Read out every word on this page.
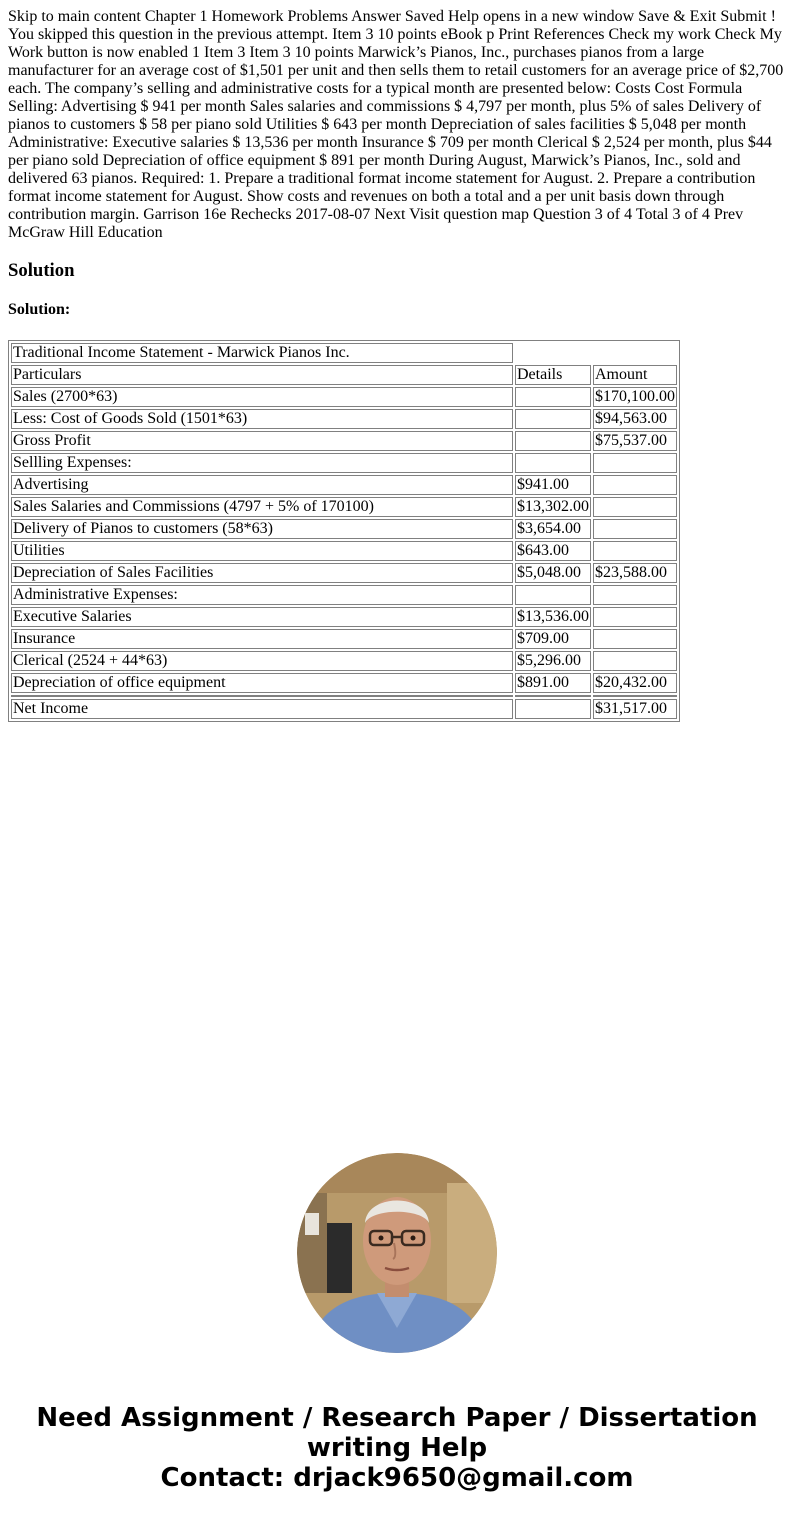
Skip to main content Chapter 1 Homework Problems Answer Saved Help opens in a new window Save & Exit Submit ! You skipped this question in the previous attempt. Item 3 10 points eBook p Print References Check my work Check My Work button is now enabled 1 Item 3 Item 3 10 points Marwick’s Pianos, Inc., purchases pianos from a large manufacturer for an average cost of $1,501 per unit and then sells them to retail customers for an average price of $2,700 each. The company’s selling and administrative costs for a typical month are presented below: Costs Cost Formula Selling: Advertising $ 941 per month Sales salaries and commissions $ 4,797 per month, plus 5% of sales Delivery of pianos to customers $ 58 per piano sold Utilities $ 643 per month Depreciation of sales facilities $ 5,048 per month Administrative: Executive salaries $ 13,536 per month Insurance $ 709 per month Clerical $ 2,524 per month, plus $44 per piano sold Depreciation of office equipment $ 891 per month During August, Marwick’s Pianos, Inc., sold and delivered 63 pianos. Required: 1. Prepare a traditional format income statement for August. 2. Prepare a contribution format income statement for August. Show costs and revenues on both a total and a per unit basis down through contribution margin. Garrison 16e Rechecks 2017-08-07 Next Visit question map Question 3 of 4 Total 3 of 4 Prev McGraw Hill Education

Solution
Solution:
Traditional Income Statement - Marwick Pianos Inc.		
Particulars	Details	Amount
Sales (2700*63)		$170,100.00
Less: Cost of Goods Sold (1501*63)		$94,563.00
Gross Profit		$75,537.00
Sellling Expenses:		
Advertising	$941.00	
Sales Salaries and Commissions (4797 + 5% of 170100)	$13,302.00	
Delivery of Pianos to customers (58*63)	$3,654.00	
Utilities	$643.00	
Depreciation of Sales Facilities	$5,048.00	$23,588.00
Administrative Expenses:		
Executive Salaries	$13,536.00	
Insurance	$709.00	
Clerical (2524 + 44*63)	$5,296.00	
Depreciation of office equipment	$891.00	$20,432.00

Net Income		$31,517.00
Need Assignment / Research Paper / Dissertation writing Help
Contact: drjack9650@gmail.com
